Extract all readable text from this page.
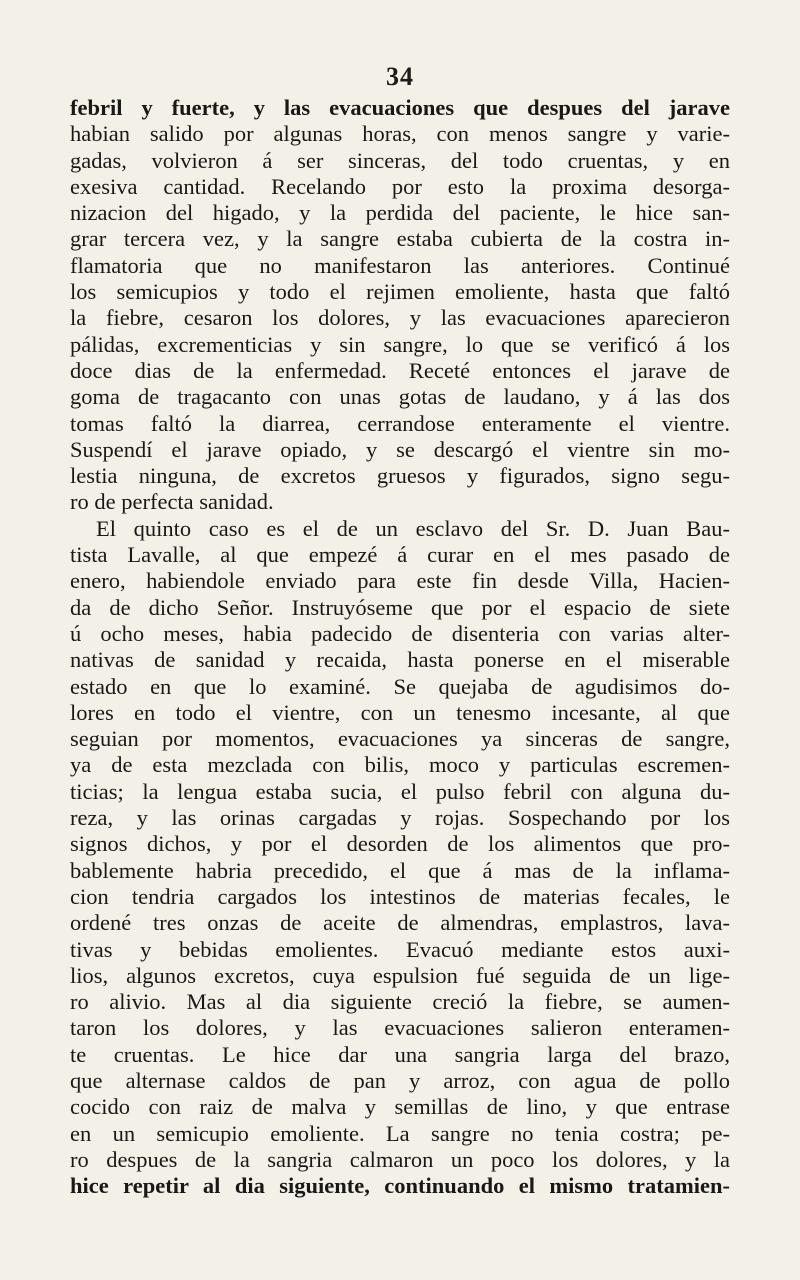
34
febril y fuerte, y las evacuaciones que despues del jarave
habian salido por algunas horas, con menos sangre y varie-
gadas, volvieron á ser sinceras, del todo cruentas, y en
exesiva cantidad. Recelando por esto la proxima desorga-
nizacion del higado, y la perdida del paciente, le hice san-
grar tercera vez, y la sangre estaba cubierta de la costra in-
flamatoria que no manifestaron las anteriores. Continué
los semicupios y todo el rejimen emoliente, hasta que faltó
la fiebre, cesaron los dolores, y las evacuaciones aparecieron
pálidas, excrementicias y sin sangre, lo que se verificó á los
doce dias de la enfermedad. Receté entonces el jarave de
goma de tragacanto con unas gotas de laudano, y á las dos
tomas faltó la diarrea, cerrandose enteramente el vientre.
Suspendí el jarave opiado, y se descargó el vientre sin mo-
lestia ninguna, de excretos gruesos y figurados, signo segu-
ro de perfecta sanidad.
El quinto caso es el de un esclavo del Sr. D. Juan Bau-
tista Lavalle, al que empezé á curar en el mes pasado de
enero, habiendole enviado para este fin desde Villa, Hacien-
da de dicho Señor. Instruyóseme que por el espacio de siete
ú ocho meses, habia padecido de disenteria con varias alter-
nativas de sanidad y recaida, hasta ponerse en el miserable
estado en que lo examiné. Se quejaba de agudisimos do-
lores en todo el vientre, con un tenesmo incesante, al que
seguian por momentos, evacuaciones ya sinceras de sangre,
ya de esta mezclada con bilis, moco y particulas escremen-
ticias; la lengua estaba sucia, el pulso febril con alguna du-
reza, y las orinas cargadas y rojas. Sospechando por los
signos dichos, y por el desorden de los alimentos que pro-
bablemente habria precedido, el que á mas de la inflama-
cion tendria cargados los intestinos de materias fecales, le
ordené tres onzas de aceite de almendras, emplastros, lava-
tivas y bebidas emolientes. Evacuó mediante estos auxi-
lios, algunos excretos, cuya espulsion fué seguida de un lige-
ro alivio. Mas al dia siguiente creció la fiebre, se aumen-
taron los dolores, y las evacuaciones salieron enteramen-
te cruentas. Le hice dar una sangria larga del brazo,
que alternase caldos de pan y arroz, con agua de pollo
cocido con raiz de malva y semillas de lino, y que entrase
en un semicupio emoliente. La sangre no tenia costra; pe-
ro despues de la sangria calmaron un poco los dolores, y la
hice repetir al dia siguiente, continuando el mismo tratamien-
